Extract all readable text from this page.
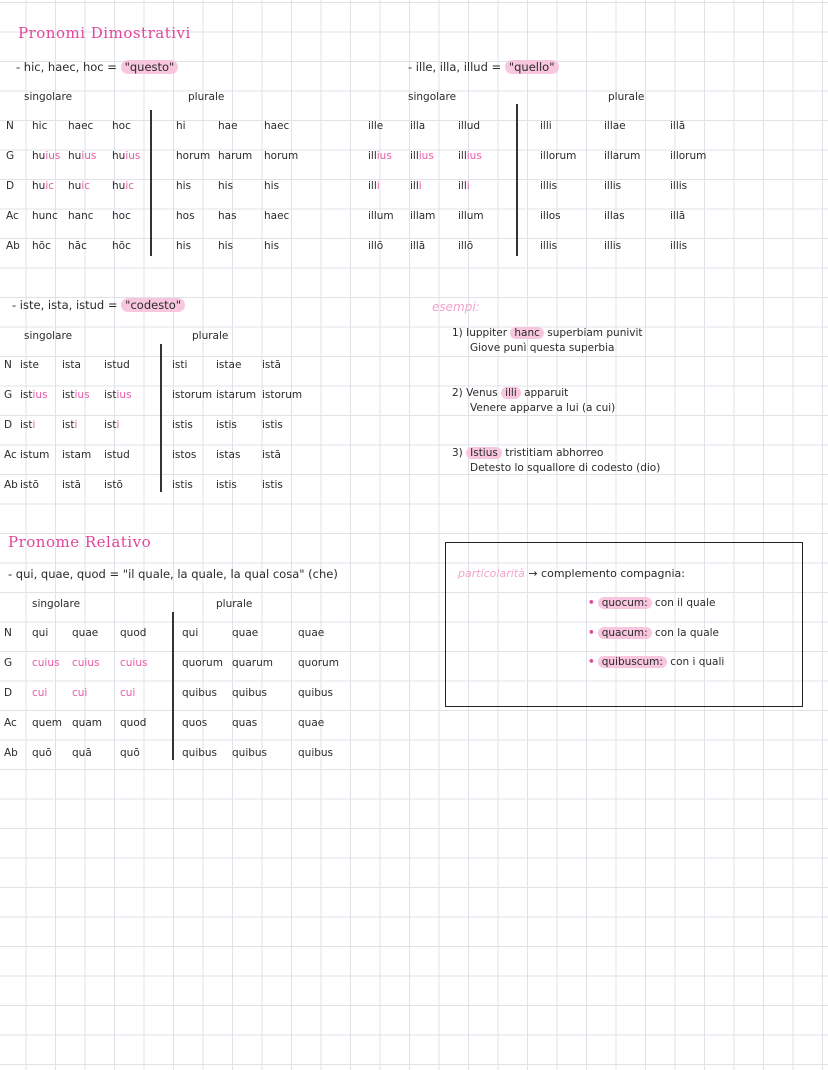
Pronomi Dimostrativi
- hic, haec, hoc = "questo"
singolare	plurale
N hic haec hoc	hi	hae	haec
G huius huius huius	horum harum horum
D huic huic huic	his	his	his
Ac hunc hanc hoc	hos has	haec
Ab hōc hāc hōc	his	his	his
- ille, illa, illud = "quello"
singolare	plurale
ille	illa	illud	illi	illae	illā
illius illius illius	illorum	illarum	illorum
illi	illi	illi	illis	illis	illis
illum illam illum	illos	illas	illā
illō	illā	illō	illis	illis	illis
- iste, ista, istud = "codesto"
singolare	plurale
N iste ista istud	isti	istae istā
G istius istius istius	istorum istarum istorum
D isti	isti	isti	istis istis istis
Ac istum istam istud	istos istas istā
Ab istō istā istō	istis istis istis
esempi:
1) Iuppiter hanc superbiam punivit
Giove punì questa superbia
2) Venus illi apparuit
Venere apparve a lui (a cui)
3) Istius tristitiam abhorreo
Detesto lo squallore di codesto (dio)
Pronome Relativo
- qui, quae, quod = "il quale, la quale, la qual cosa" (che)
singolare	plurale
N qui quae quod	qui	quae	quae
G cuius cuius cuius	quorum quarum quorum
D cui cui	cui	quibus quibus	quibus
Ac quem quam quod	quos quas	quae
Ab quō quā	quō	quibus quibus	quibus
particolarità → complemento compagnia:
• quocum: con il quale
• quacum: con la quale
• quibuscum: con i quali
